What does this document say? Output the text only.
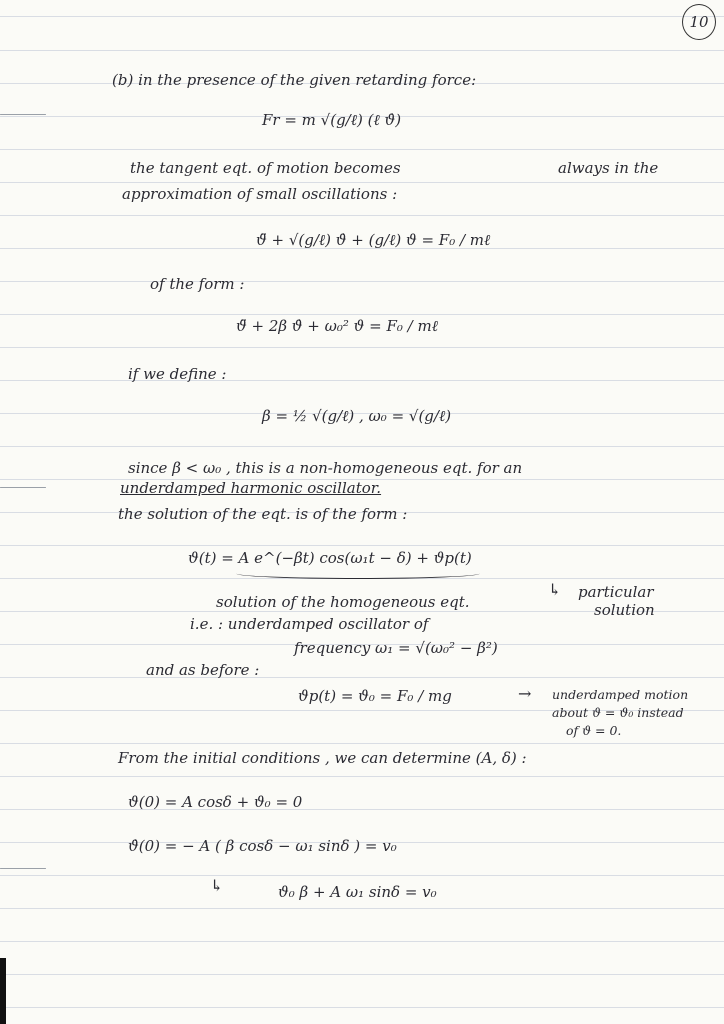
10
(b) in the presence of the given retarding force:
Fr = m √(g/ℓ) (ℓ ϑ̇)
the tangent eqt. of motion becomes	always in the
approximation of small oscillations :
ϑ̈ + √(g/ℓ) ϑ̇ + (g/ℓ) ϑ = F₀ / mℓ
of the form :
ϑ̈ + 2β ϑ̇ + ω₀² ϑ = F₀ / mℓ
if we define :
β = ½ √(g/ℓ) , ω₀ = √(g/ℓ)
since β < ω₀ , this is a non-homogeneous eqt. for an
underdamped harmonic oscillator.
the solution of the eqt. is of the form :
ϑ(t) = A e^(−βt) cos(ω₁t − δ) + ϑp(t)
↳ particular
solution
solution of the homogeneous eqt.
i.e. : underdamped oscillator of
frequency ω₁ = √(ω₀² − β²)
and as before :
ϑp(t) = ϑ₀ = F₀ / mg	→ underdamped motion
about ϑ = ϑ₀ instead
of ϑ = 0.
From the initial conditions , we can determine (A, δ) :
ϑ(0) = A cosδ + ϑ₀ = 0
ϑ̇(0) = − A ( β cosδ − ω₁ sinδ ) = v₀
↳	ϑ₀ β + A ω₁ sinδ = v₀
